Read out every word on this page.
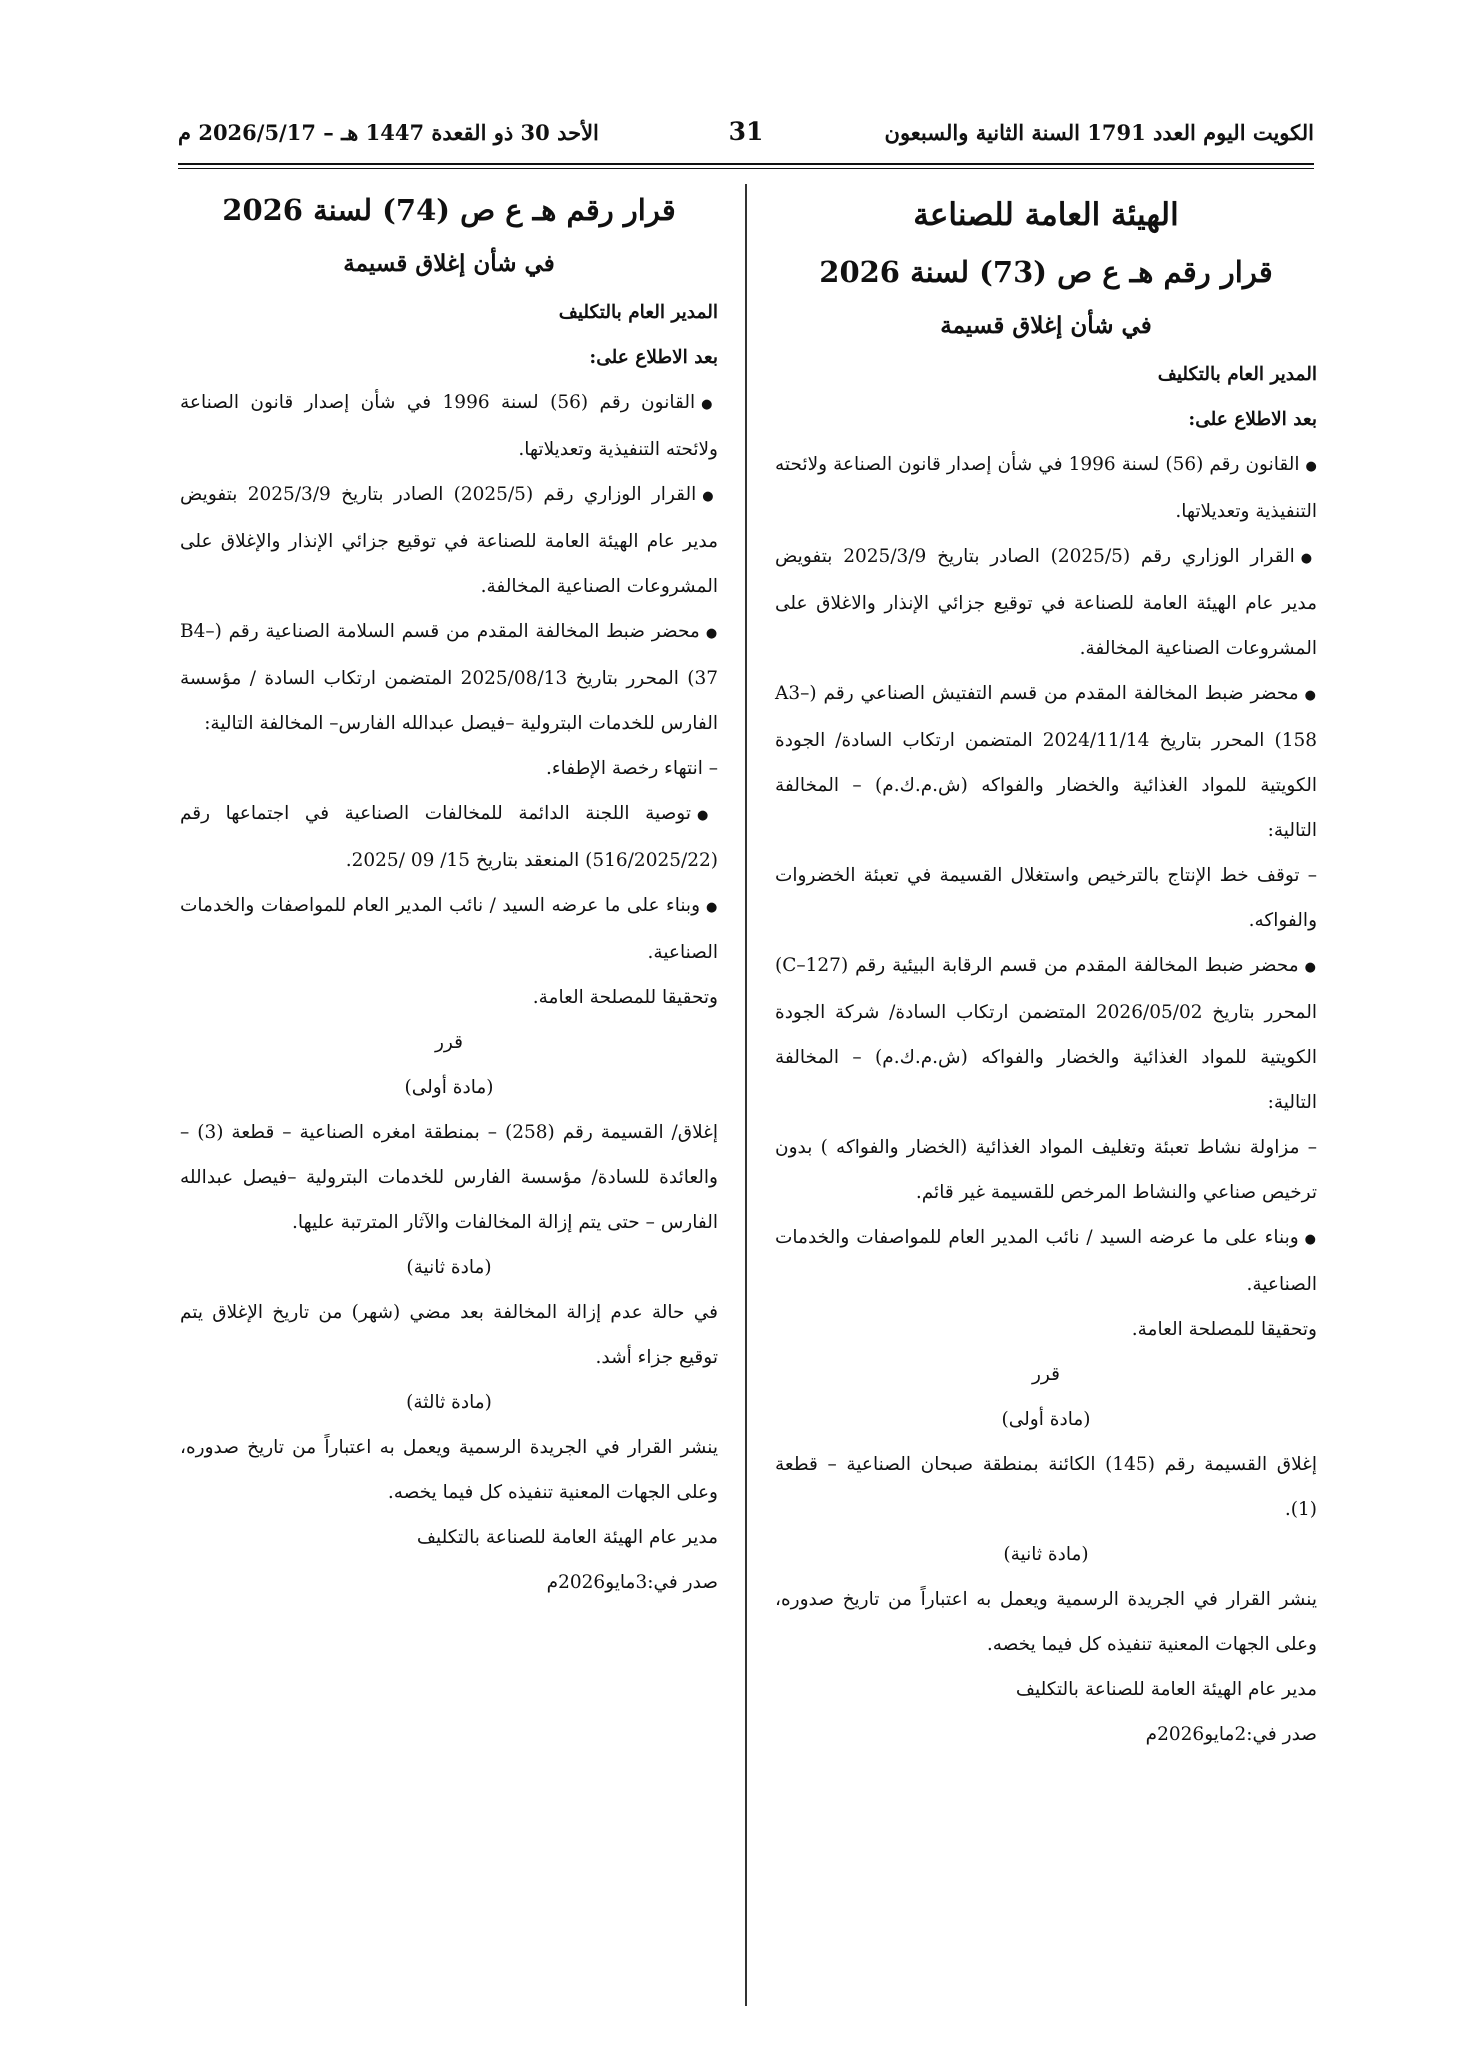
الكويت اليوم العدد 1791 السنة الثانية والسبعون
31
الأحد 30 ذو القعدة 1447 هـ – 2026/5/17 م

الهيئة العامة للصناعة

قرار رقم هـ ع ص (73) لسنة 2026

في شأن إغلاق قسيمة

المدير العام بالتكليف

بعد الاطلاع على:

● القانون رقم (56) لسنة 1996 في شأن إصدار قانون الصناعة ولائحته التنفيذية وتعديلاتها.

● القرار الوزاري رقم (2025/5) الصادر بتاريخ 2025/3/9 بتفويض مدير عام الهيئة العامة للصناعة في توقيع جزائي الإنذار والاغلاق على المشروعات الصناعية المخالفة.

● محضر ضبط المخالفة المقدم من قسم التفتيش الصناعي رقم (A3–158) المحرر بتاريخ 2024/11/14 المتضمن ارتكاب السادة/ الجودة الكويتية للمواد الغذائية والخضار والفواكه (ش.م.ك.م) – المخالفة التالية:

– توقف خط الإنتاج بالترخيص واستغلال القسيمة في تعبئة الخضروات والفواكه.

● محضر ضبط المخالفة المقدم من قسم الرقابة البيئية رقم (C–127) المحرر بتاريخ 2026/05/02 المتضمن ارتكاب السادة/ شركة الجودة الكويتية للمواد الغذائية والخضار والفواكه (ش.م.ك.م) – المخالفة التالية:

– مزاولة نشاط تعبئة وتغليف المواد الغذائية (الخضار والفواكه ) بدون ترخيص صناعي والنشاط المرخص للقسيمة غير قائم.

● وبناء على ما عرضه السيد / نائب المدير العام للمواصفات والخدمات الصناعية.

وتحقيقا للمصلحة العامة.

قرر

(مادة أولى)

إغلاق القسيمة رقم (145) الكائنة بمنطقة صبحان الصناعية – قطعة (1).

(مادة ثانية)

ينشر القرار في الجريدة الرسمية ويعمل به اعتباراً من تاريخ صدوره، وعلى الجهات المعنية تنفيذه كل فيما يخصه.

مدير عام الهيئة العامة للصناعة بالتكليف

صدر في:2مايو2026م

قرار رقم هـ ع ص (74) لسنة 2026

في شأن إغلاق قسيمة

المدير العام بالتكليف

بعد الاطلاع على:

● القانون رقم (56) لسنة 1996 في شأن إصدار قانون الصناعة ولائحته التنفيذية وتعديلاتها.

● القرار الوزاري رقم (2025/5) الصادر بتاريخ 2025/3/9 بتفويض مدير عام الهيئة العامة للصناعة في توقيع جزائي الإنذار والإغلاق على المشروعات الصناعية المخالفة.

● محضر ضبط المخالفة المقدم من قسم السلامة الصناعية رقم (B4–37) المحرر بتاريخ 2025/08/13 المتضمن ارتكاب السادة / مؤسسة الفارس للخدمات البترولية –فيصل عبدالله الفارس– المخالفة التالية:

– انتهاء رخصة الإطفاء.

● توصية اللجنة الدائمة للمخالفات الصناعية في اجتماعها رقم (516/2025/22) المنعقد بتاريخ 15/ 09 /2025.

● وبناء على ما عرضه السيد / نائب المدير العام للمواصفات والخدمات الصناعية.

وتحقيقا للمصلحة العامة.

قرر

(مادة أولى)

إغلاق/ القسيمة رقم (258) – بمنطقة امغره الصناعية – قطعة (3) – والعائدة للسادة/ مؤسسة الفارس للخدمات البترولية –فيصل عبدالله الفارس – حتى يتم إزالة المخالفات والآثار المترتبة عليها.

(مادة ثانية)

في حالة عدم إزالة المخالفة بعد مضي (شهر) من تاريخ الإغلاق يتم توقيع جزاء أشد.

(مادة ثالثة)

ينشر القرار في الجريدة الرسمية ويعمل به اعتباراً من تاريخ صدوره، وعلى الجهات المعنية تنفيذه كل فيما يخصه.

مدير عام الهيئة العامة للصناعة بالتكليف

صدر في:3مايو2026م
